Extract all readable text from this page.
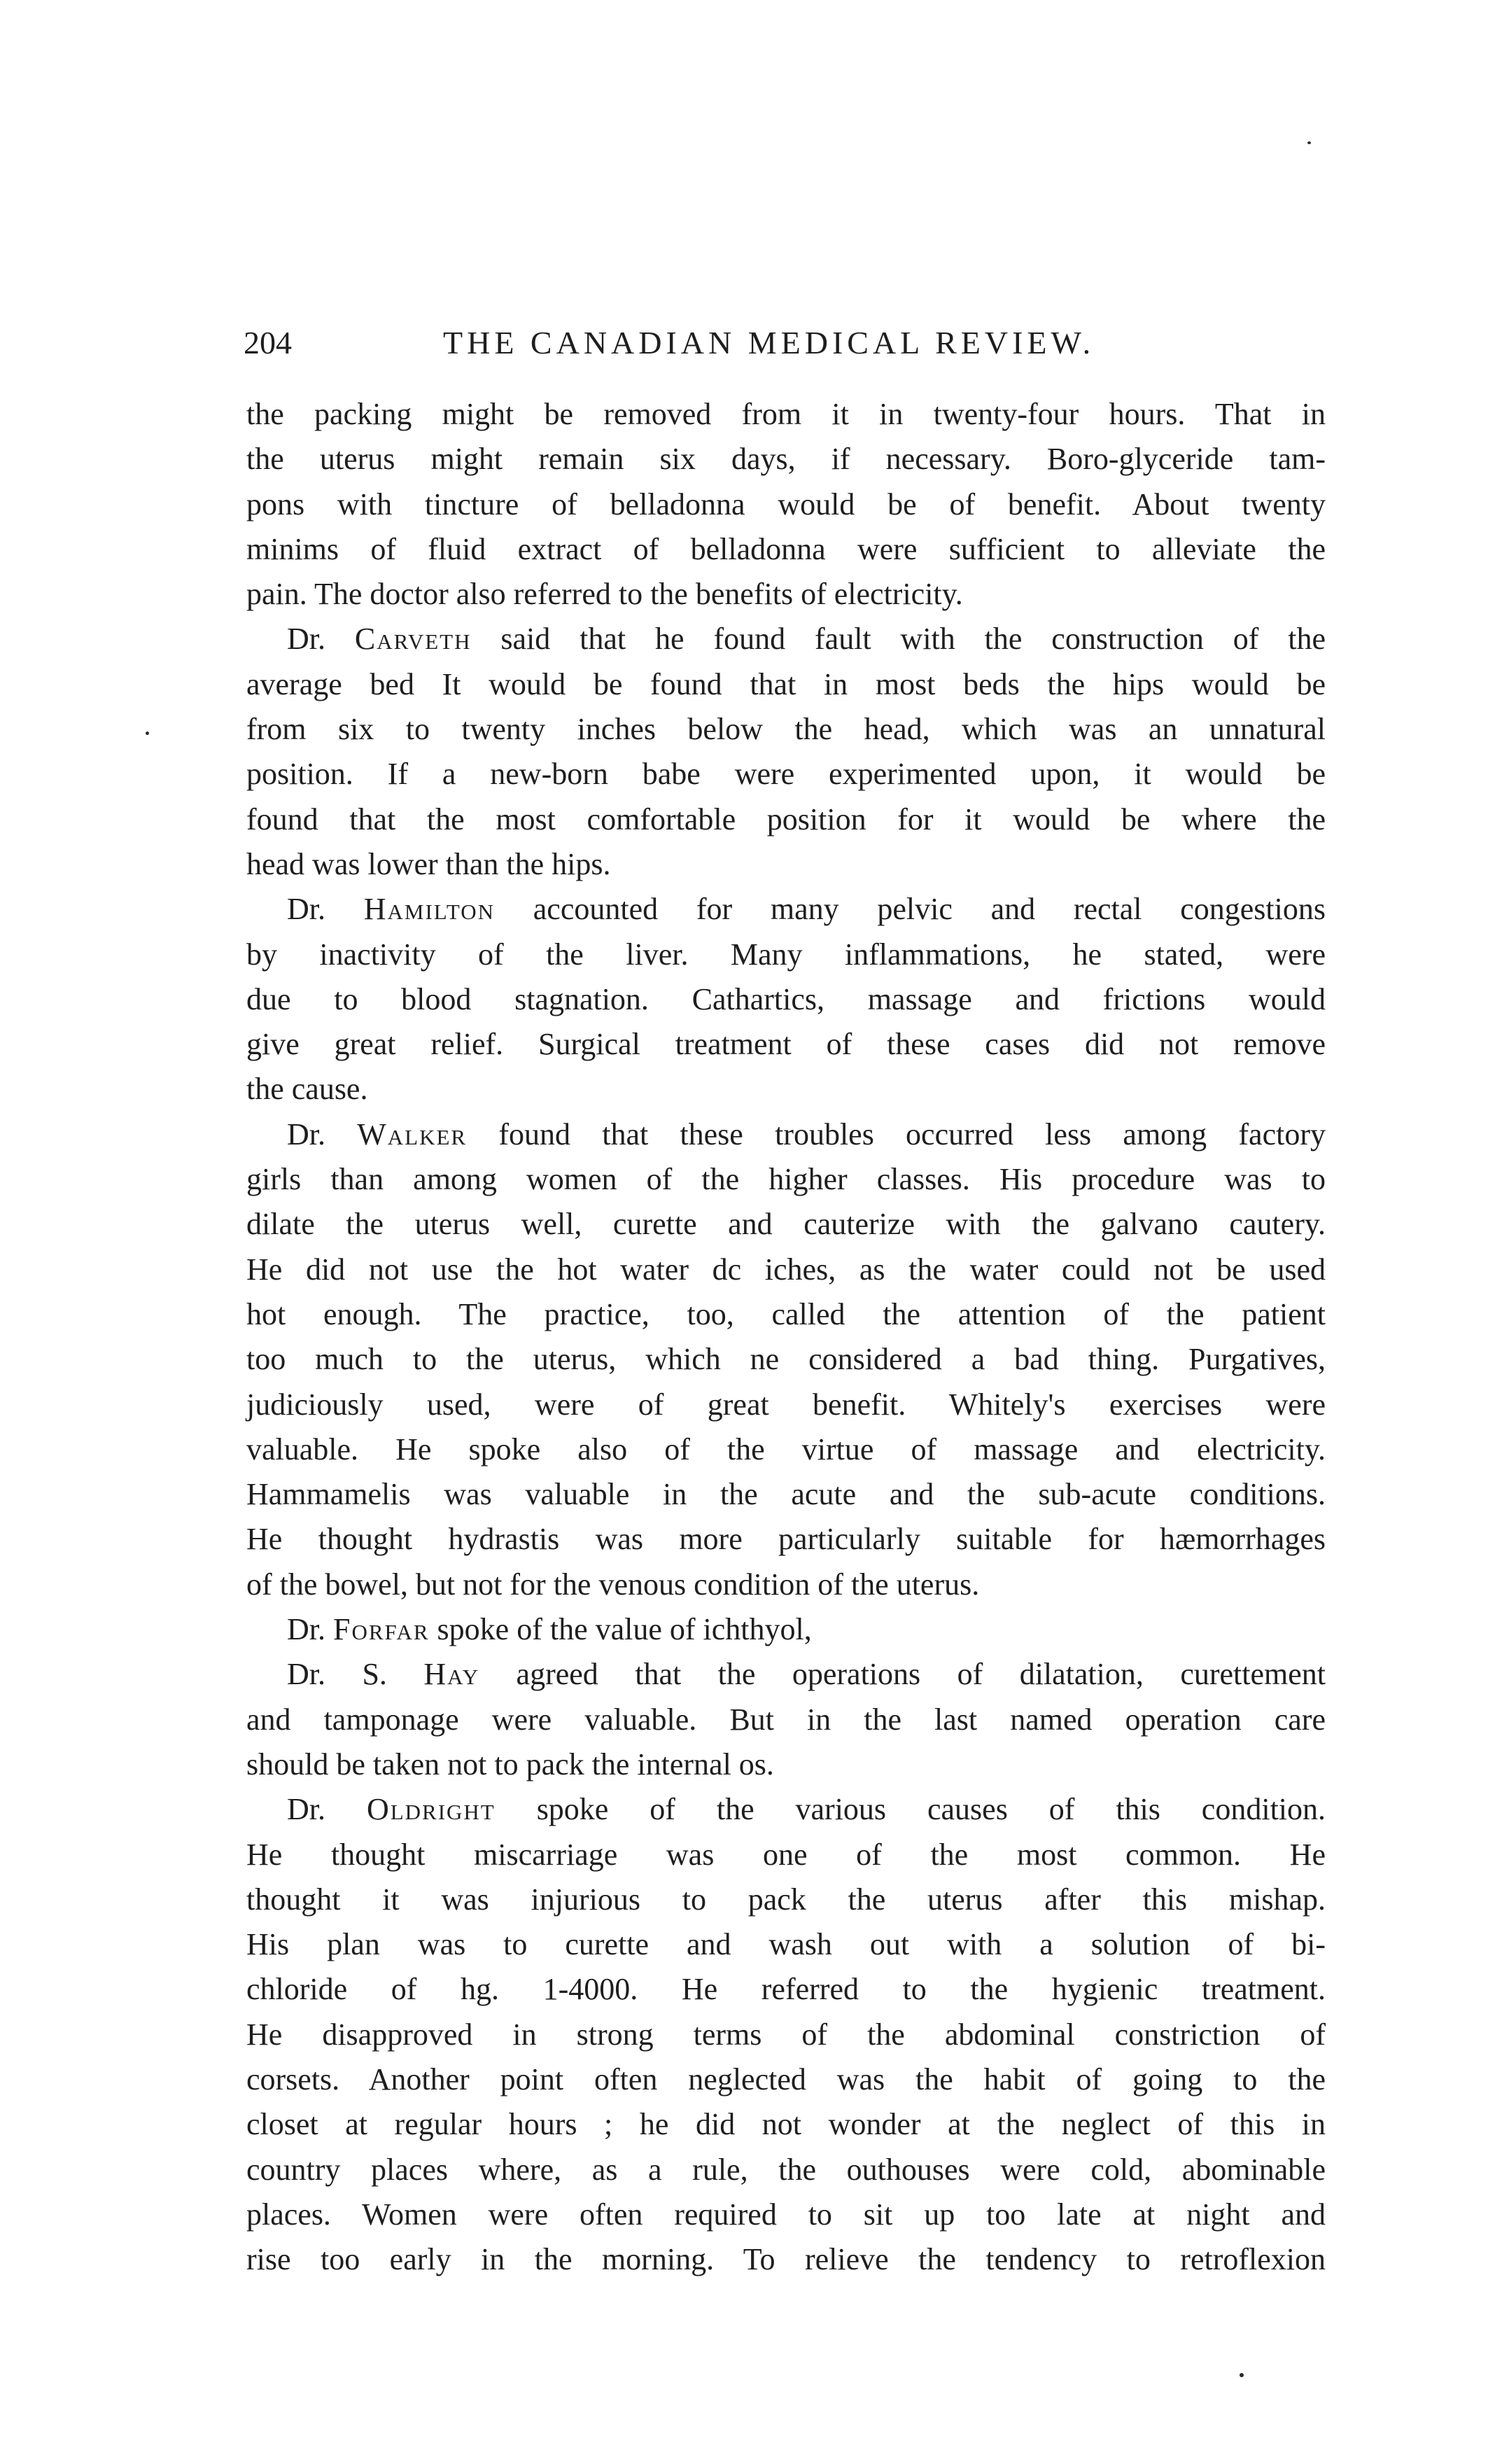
204	THE CANADIAN MEDICAL REVIEW.
the packing might be removed from it in twenty-four hours. That in
the uterus might remain six days, if necessary. Boro-glyceride tam-
pons with tincture of belladonna would be of benefit. About twenty
minims of fluid extract of belladonna were sufficient to alleviate the
pain. The doctor also referred to the benefits of electricity.
Dr. Carveth said that he found fault with the construction of the
average bed It would be found that in most beds the hips would be
from six to twenty inches below the head, which was an unnatural
position. If a new-born babe were experimented upon, it would be
found that the most comfortable position for it would be where the
head was lower than the hips.
Dr. Hamilton accounted for many pelvic and rectal congestions
by inactivity of the liver. Many inflammations, he stated, were
due to blood stagnation. Cathartics, massage and frictions would
give great relief. Surgical treatment of these cases did not remove
the cause.
Dr. Walker found that these troubles occurred less among factory
girls than among women of the higher classes. His procedure was to
dilate the uterus well, curette and cauterize with the galvano cautery.
He did not use the hot water dc iches, as the water could not be used
hot enough. The practice, too, called the attention of the patient
too much to the uterus, which ne considered a bad thing. Purgatives,
judiciously used, were of great benefit. Whitely's exercises were
valuable. He spoke also of the virtue of massage and electricity.
Hammamelis was valuable in the acute and the sub-acute conditions.
He thought hydrastis was more particularly suitable for hæmorrhages
of the bowel, but not for the venous condition of the uterus.
Dr. Forfar spoke of the value of ichthyol,
Dr. S. Hay agreed that the operations of dilatation, curettement
and tamponage were valuable. But in the last named operation care
should be taken not to pack the internal os.
Dr. Oldright spoke of the various causes of this condition.
He thought miscarriage was one of the most common. He
thought it was injurious to pack the uterus after this mishap.
His plan was to curette and wash out with a solution of bi-
chloride of hg. 1-4000. He referred to the hygienic treatment.
He disapproved in strong terms of the abdominal constriction of
corsets. Another point often neglected was the habit of going to the
closet at regular hours ; he did not wonder at the neglect of this in
country places where, as a rule, the outhouses were cold, abominable
places. Women were often required to sit up too late at night and
rise too early in the morning. To relieve the tendency to retroflexion
